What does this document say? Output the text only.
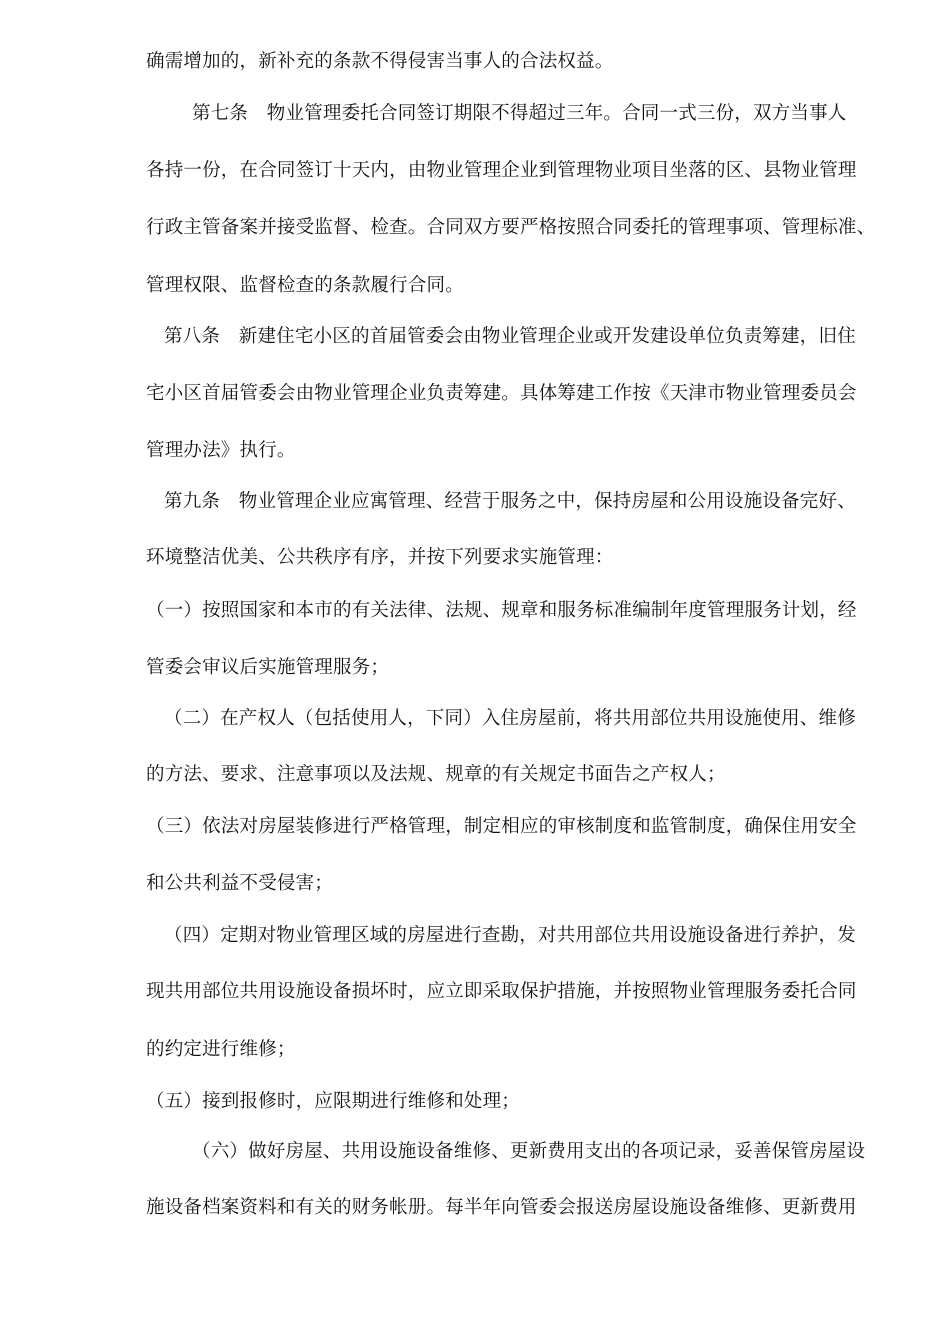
确需增加的，新补充的条款不得侵害当事人的合法权益。
第七条　物业管理委托合同签订期限不得超过三年。合同一式三份，双方当事人
各持一份，在合同签订十天内，由物业管理企业到管理物业项目坐落的区、县物业管理
行政主管备案并接受监督、检查。合同双方要严格按照合同委托的管理事项、管理标准、
管理权限、监督检查的条款履行合同。
第八条　新建住宅小区的首届管委会由物业管理企业或开发建设单位负责筹建，旧住
宅小区首届管委会由物业管理企业负责筹建。具体筹建工作按《天津市物业管理委员会
管理办法》执行。
第九条　物业管理企业应寓管理、经营于服务之中，保持房屋和公用设施设备完好、
环境整洁优美、公共秩序有序，并按下列要求实施管理：
（一）按照国家和本市的有关法律、法规、规章和服务标准编制年度管理服务计划，经
管委会审议后实施管理服务；
（二）在产权人（包括使用人，下同）入住房屋前，将共用部位共用设施使用、维修
的方法、要求、注意事项以及法规、规章的有关规定书面告之产权人；
（三）依法对房屋装修进行严格管理，制定相应的审核制度和监管制度，确保住用安全
和公共利益不受侵害；
（四）定期对物业管理区域的房屋进行查勘，对共用部位共用设施设备进行养护，发
现共用部位共用设施设备损坏时，应立即采取保护措施，并按照物业管理服务委托合同
的约定进行维修；
（五）接到报修时，应限期进行维修和处理；
（六）做好房屋、共用设施设备维修、更新费用支出的各项记录，妥善保管房屋设
施设备档案资料和有关的财务帐册。每半年向管委会报送房屋设施设备维修、更新费用
